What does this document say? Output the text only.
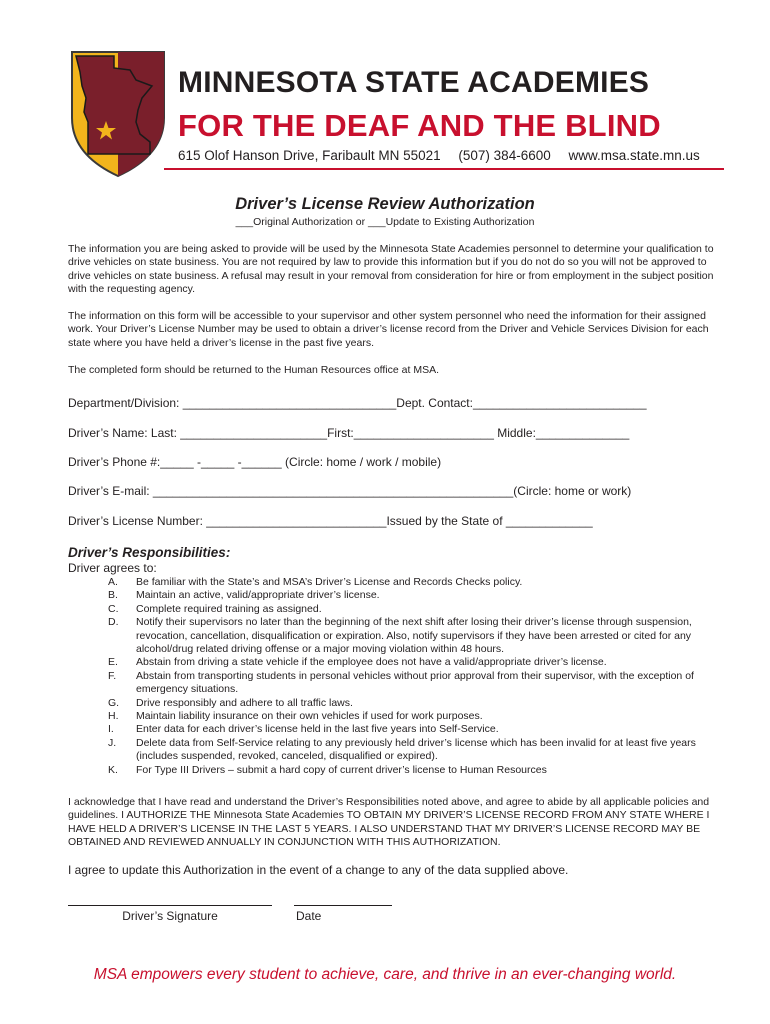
MINNESOTA STATE ACADEMIES
FOR THE DEAF AND THE BLIND
615 Olof Hanson Drive, Faribault MN 55021 (507) 384-6600 www.msa.state.mn.us
Driver’s License Review Authorization
___Original Authorization or ___Update to Existing Authorization
The information you are being asked to provide will be used by the Minnesota State Academies personnel to determine your qualification to drive vehicles on state business. You are not required by law to provide this information but if you do not do so you will not be approved to drive vehicles on state business. A refusal may result in your removal from consideration for hire or from employment in the subject position with the requesting agency.
The information on this form will be accessible to your supervisor and other system personnel who need the information for their assigned work. Your Driver’s License Number may be used to obtain a driver’s license record from the Driver and Vehicle Services Division for each state where you have held a driver’s license in the past five years.
The completed form should be returned to the Human Resources office at MSA.
Department/Division: ________________________________Dept. Contact:__________________________
Driver’s Name: Last: ______________________First:_____________________ Middle:______________
Driver’s Phone #:_____ -_____ -______ (Circle: home / work / mobile)
Driver’s E-mail: ______________________________________________________(Circle: home or work)
Driver’s License Number: ___________________________Issued by the State of _____________
Driver’s Responsibilities:
Driver agrees to:
A.	Be familiar with the State’s and MSA’s Driver’s License and Records Checks policy.
B.	Maintain an active, valid/appropriate driver’s license.
C.	Complete required training as assigned.
D.	Notify their supervisors no later than the beginning of the next shift after losing their driver’s license through suspension, revocation, cancellation, disqualification or expiration. Also, notify supervisors if they have been arrested or cited for any alcohol/drug related driving offense or a major moving violation within 48 hours.
E.	Abstain from driving a state vehicle if the employee does not have a valid/appropriate driver’s license.
F.	Abstain from transporting students in personal vehicles without prior approval from their supervisor, with the exception of emergency situations.
G.	Drive responsibly and adhere to all traffic laws.
H.	Maintain liability insurance on their own vehicles if used for work purposes.
I.	Enter data for each driver’s license held in the last five years into Self-Service.
J.	Delete data from Self-Service relating to any previously held driver’s license which has been invalid for at least five years (includes suspended, revoked, canceled, disqualified or expired).
K.	For Type III Drivers – submit a hard copy of current driver’s license to Human Resources
I acknowledge that I have read and understand the Driver’s Responsibilities noted above, and agree to abide by all applicable policies and guidelines. I AUTHORIZE THE Minnesota State Academies TO OBTAIN MY DRIVER’S LICENSE RECORD FROM ANY STATE WHERE I HAVE HELD A DRIVER’S LICENSE IN THE LAST 5 YEARS. I ALSO UNDERSTAND THAT MY DRIVER’S LICENSE RECORD MAY BE OBTAINED AND REVIEWED ANNUALLY IN CONJUNCTION WITH THIS AUTHORIZATION.
I agree to update this Authorization in the event of a change to any of the data supplied above.
Driver’s Signature	Date
MSA empowers every student to achieve, care, and thrive in an ever-changing world.
